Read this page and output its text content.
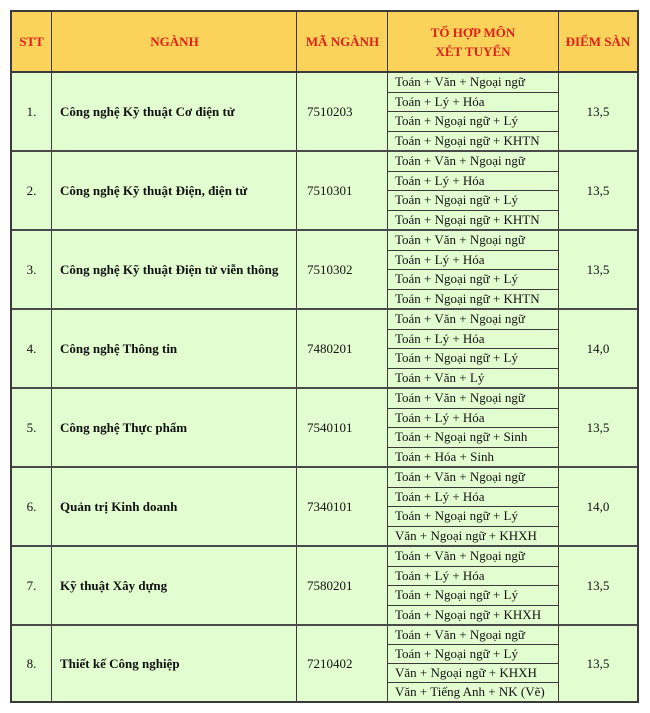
STT	NGÀNH	MÃ NGÀNH
TỔ HỢP MÔN
XÉT TUYỂN
ĐIỂM SÀN
1.	Công nghệ Kỹ thuật Cơ điện tử	7510203
Toán + Văn + Ngoại ngữ
Toán + Lý + Hóa
Toán + Ngoại ngữ + Lý
Toán + Ngoại ngữ + KHTN
13,5
2.	Công nghệ Kỹ thuật Điện, điện tử	7510301
Toán + Văn + Ngoại ngữ
Toán + Lý + Hóa
Toán + Ngoại ngữ + Lý
Toán + Ngoại ngữ + KHTN
13,5
3.	Công nghệ Kỹ thuật Điện tử viễn thông	7510302
Toán + Văn + Ngoại ngữ
Toán + Lý + Hóa
Toán + Ngoại ngữ + Lý
Toán + Ngoại ngữ + KHTN
13,5
4.	Công nghệ Thông tin	7480201
Toán + Văn + Ngoại ngữ
Toán + Lý + Hóa
Toán + Ngoại ngữ + Lý
Toán + Văn + Lý
14,0
5.	Công nghệ Thực phẩm	7540101
Toán + Văn + Ngoại ngữ
Toán + Lý + Hóa
Toán + Ngoại ngữ + Sinh
Toán + Hóa + Sinh
13,5
6.	Quản trị Kinh doanh	7340101
Toán + Văn + Ngoại ngữ
Toán + Lý + Hóa
Toán + Ngoại ngữ + Lý
Văn + Ngoại ngữ + KHXH
14,0
7.	Kỹ thuật Xây dựng	7580201
Toán + Văn + Ngoại ngữ
Toán + Lý + Hóa
Toán + Ngoại ngữ + Lý
Toán + Ngoại ngữ + KHXH
13,5
8.	Thiết kế Công nghiệp	7210402
Toán + Văn + Ngoại ngữ
Toán + Ngoại ngữ + Lý
Văn + Ngoại ngữ + KHXH
Văn + Tiếng Anh + NK (Vẽ)
13,5
